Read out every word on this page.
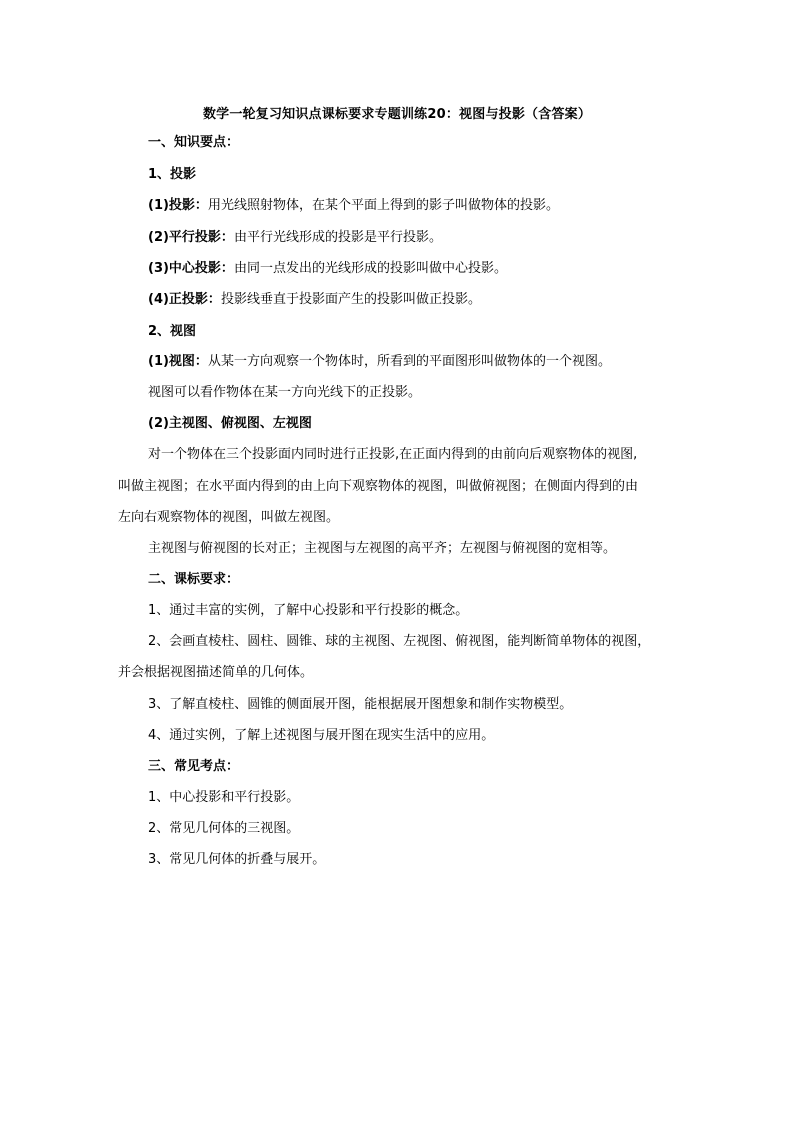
数学一轮复习知识点课标要求专题训练20：视图与投影（含答案）
一、知识要点：
1、投影
(1)投影：用光线照射物体，在某个平面上得到的影子叫做物体的投影。
(2)平行投影：由平行光线形成的投影是平行投影。
(3)中心投影：由同一点发出的光线形成的投影叫做中心投影。
(4)正投影：投影线垂直于投影面产生的投影叫做正投影。
2、视图
(1)视图：从某一方向观察一个物体时，所看到的平面图形叫做物体的一个视图。
视图可以看作物体在某一方向光线下的正投影。
(2)主视图、俯视图、左视图
对一个物体在三个投影面内同时进行正投影,在正面内得到的由前向后观察物体的视图,
叫做主视图；在水平面内得到的由上向下观察物体的视图，叫做俯视图；在侧面内得到的由
左向右观察物体的视图，叫做左视图。
主视图与俯视图的长对正；主视图与左视图的高平齐；左视图与俯视图的宽相等。
二、课标要求：
1、通过丰富的实例，了解中心投影和平行投影的概念。
2、会画直棱柱、圆柱、圆锥、球的主视图、左视图、俯视图，能判断简单物体的视图，
并会根据视图描述简单的几何体。
3、了解直棱柱、圆锥的侧面展开图，能根据展开图想象和制作实物模型。
4、通过实例，了解上述视图与展开图在现实生活中的应用。
三、常见考点：
1、中心投影和平行投影。
2、常见几何体的三视图。
3、常见几何体的折叠与展开。
